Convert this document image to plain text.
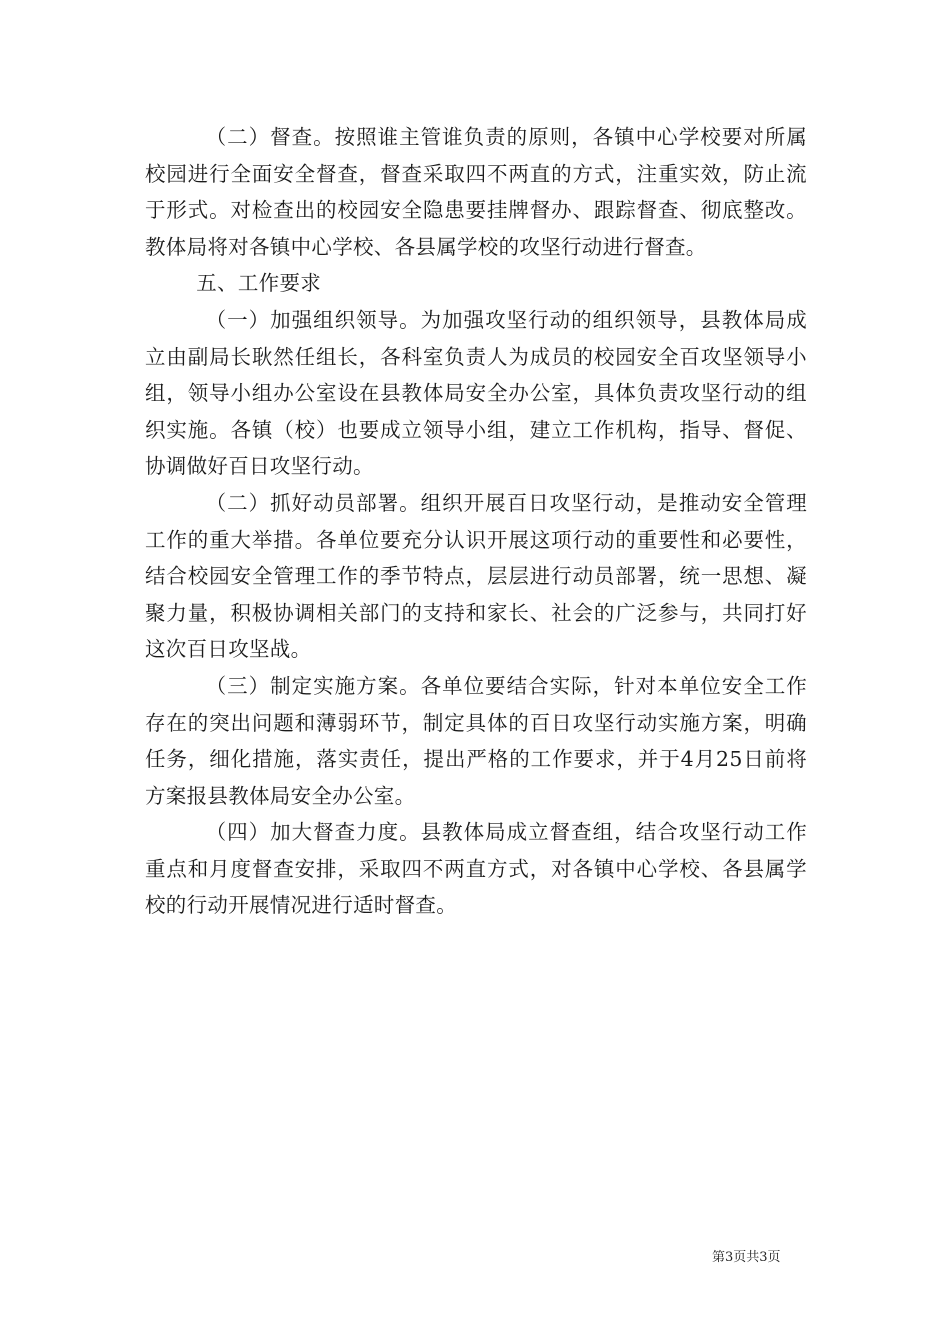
（二）督查。按照谁主管谁负责的原则，各镇中心学校要对所属校园进行全面安全督查，督查采取四不两直的方式，注重实效，防止流于形式。对检查出的校园安全隐患要挂牌督办、跟踪督查、彻底整改。教体局将对各镇中心学校、各县属学校的攻坚行动进行督查。

五、工作要求

（一）加强组织领导。为加强攻坚行动的组织领导，县教体局成立由副局长耿然任组长，各科室负责人为成员的校园安全百攻坚领导小组，领导小组办公室设在县教体局安全办公室，具体负责攻坚行动的组织实施。各镇（校）也要成立领导小组，建立工作机构，指导、督促、协调做好百日攻坚行动。

（二）抓好动员部署。组织开展百日攻坚行动，是推动安全管理工作的重大举措。各单位要充分认识开展这项行动的重要性和必要性，结合校园安全管理工作的季节特点，层层进行动员部署，统一思想、凝聚力量，积极协调相关部门的支持和家长、社会的广泛参与，共同打好这次百日攻坚战。

（三）制定实施方案。各单位要结合实际，针对本单位安全工作存在的突出问题和薄弱环节，制定具体的百日攻坚行动实施方案，明确任务，细化措施，落实责任，提出严格的工作要求，并于4月25日前将方案报县教体局安全办公室。

（四）加大督查力度。县教体局成立督查组，结合攻坚行动工作重点和月度督查安排，采取四不两直方式，对各镇中心学校、各县属学校的行动开展情况进行适时督查。

第3页共3页
